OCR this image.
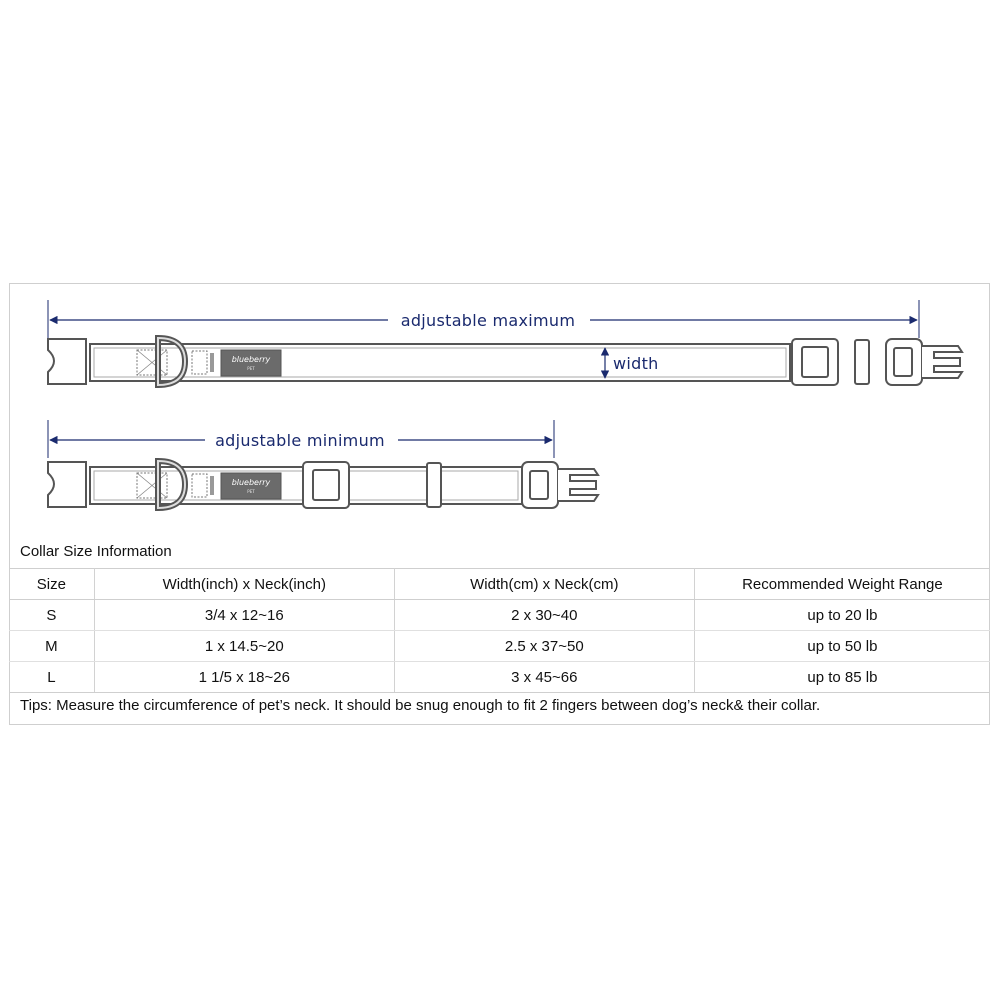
adjustable maximum
blueberry
PET	width
adjustable minimum
blueberry
PET
Collar Size Information
Size	Width(inch) x Neck(inch)	Width(cm) x Neck(cm)	Recommended Weight Range
S	3/4 x 12~16	2 x 30~40	up to 20 lb
M	1 x 14.5~20	2.5 x 37~50	up to 50 lb
L	1 1/5 x 18~26	3 x 45~66	up to 85 lb
Tips: Measure the circumference of pet’s neck. It should be snug enough to fit 2 fingers between dog’s neck& their collar.
